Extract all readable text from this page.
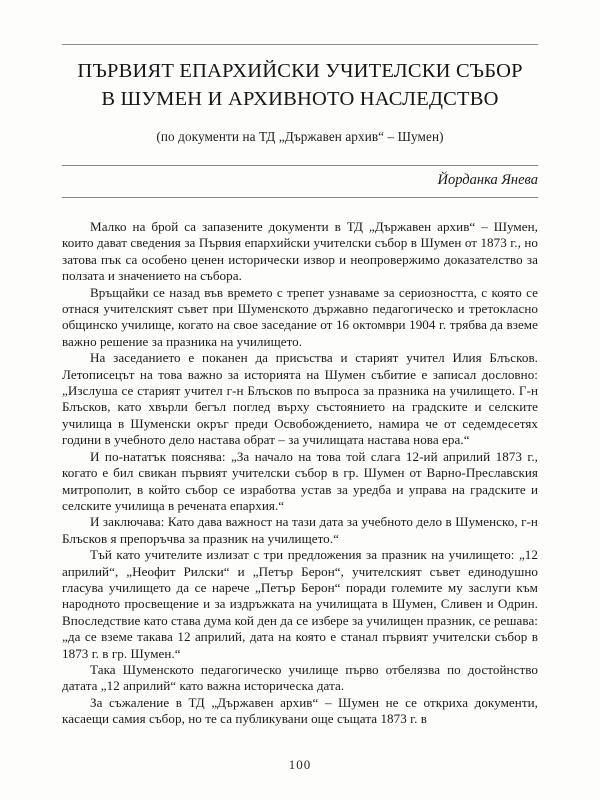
ПЪРВИЯТ ЕПАРХИЙСКИ УЧИТЕЛСКИ СЪБОР
В ШУМЕН И АРХИВНОТО НАСЛЕДСТВО
(по документи на ТД „Държавен архив“ – Шумен)
Йорданка Янева

Малко на брой са запазените документи в ТД „Държавен архив“ – Шумен, които дават сведения за Първия епархийски учителски събор в Шумен от 1873 г., но затова пък са особено ценен исторически извор и неопровержимо доказателство за ползата и значението на събора.

Връщайки се назад във времето с трепет узнаваме за сериозността, с която се отнася учителският съвет при Шуменското държавно педагогическо и третокласно общинско училище, когато на свое заседание от 16 октомври 1904 г. трябва да вземе важно решение за празника на училището.

На заседанието е поканен да присъства и старият учител Илия Блъсков. Летописецът на това важно за историята на Шумен събитие е записал дословно: „Изслуша се старият учител г-н Блъсков по въпроса за празника на училището. Г-н Блъсков, като хвърли бегъл поглед върху състоянието на градските и селските училища в Шуменски окръг преди Освобождението, намира че от седемдесетях години в учебното дело настава обрат – за училищата настава нова ера.“

И по-нататък пояснява: „За начало на това той слага 12-ий априлий 1873 г., когато е бил свикан първият учителски събор в гр. Шумен от Варно-Преславския митрополит, в който събор се изработва устав за уредба и управа на градските и селските училища в речената епархия.“

И заключава: Като дава важност на тази дата за учебното дело в Шуменско, г-н Блъсков я препоръчва за празник на училището.“

Тъй като учителите излизат с три предложения за празник на училището: „12 априлий“, „Неофит Рилски“ и „Петър Берон“, учителският съвет единодушно гласува училището да се нарече „Петър Берон“ поради големите му заслуги към народното просвещение и за издръжката на училищата в Шумен, Сливен и Одрин. Впоследствие като става дума кой ден да се избере за училищен празник, се решава: „да се вземе такава 12 априлий, дата на която е станал първият учителски събор в 1873 г. в гр. Шумен.“

Така Шуменското педагогическо училище първо отбелязва по достойнство датата „12 априлий“ като важна историческа дата.

За съжаление в ТД „Държавен архив“ – Шумен не се откриха документи, касаещи самия събор, но те са публикувани още същата 1873 г. в

100
